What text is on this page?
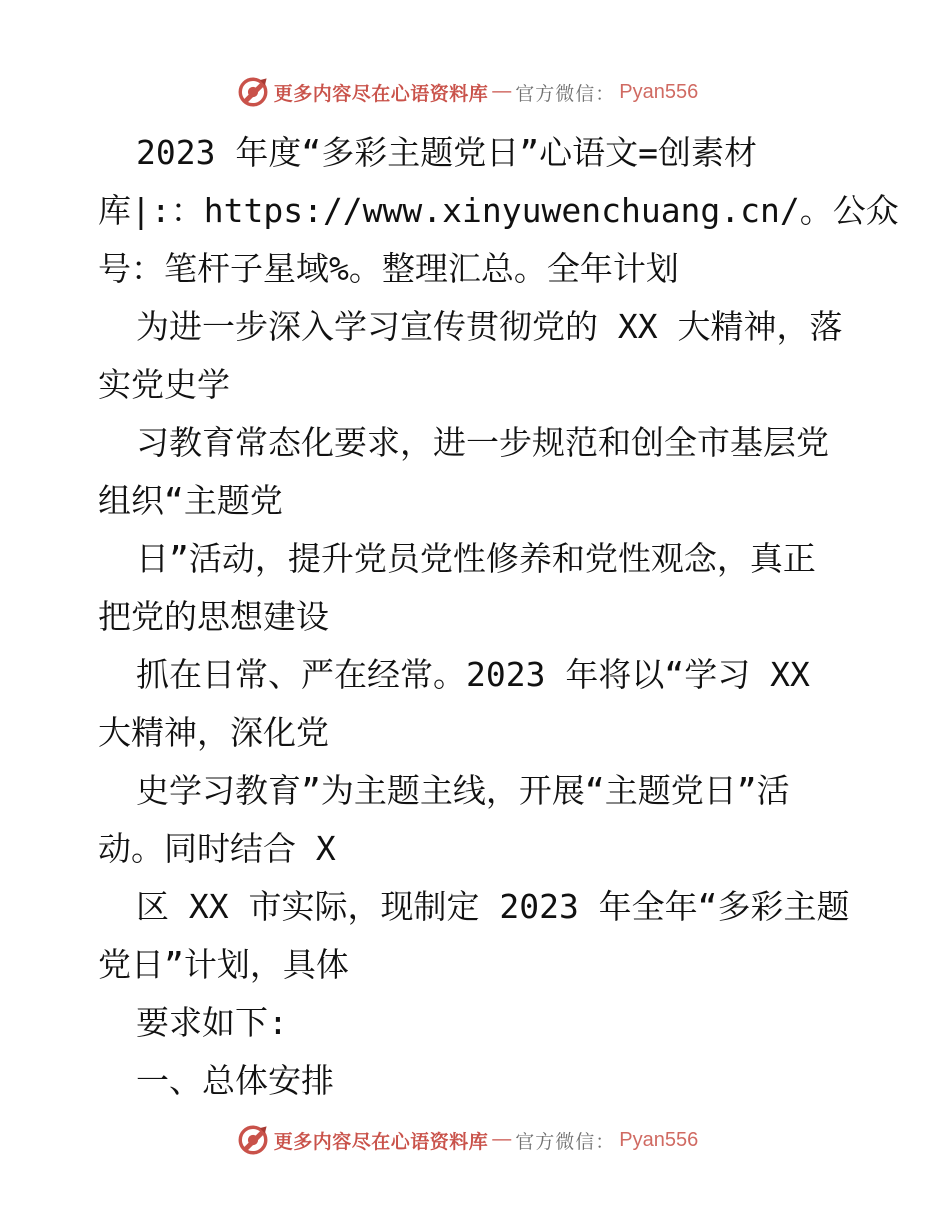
更多内容尽在心语资料库 — 官方微信： Pyan556
2023 年度“多彩主题党日”心语文=创素材
库|:：https://www.xinyuwenchuang.cn/。公众
号：笔杆子星域%。整理汇总。全年计划
为进一步深入学习宣传贯彻党的 XX 大精神，落
实党史学
习教育常态化要求，进一步规范和创全市基层党
组织“主题党
日”活动，提升党员党性修养和党性观念，真正
把党的思想建设
抓在日常、严在经常。2023 年将以“学习 XX
大精神，深化党
史学习教育”为主题主线，开展“主题党日”活
动。同时结合 X
区 XX 市实际，现制定 2023 年全年“多彩主题
党日”计划，具体
要求如下:
一、总体安排
更多内容尽在心语资料库 — 官方微信： Pyan556
